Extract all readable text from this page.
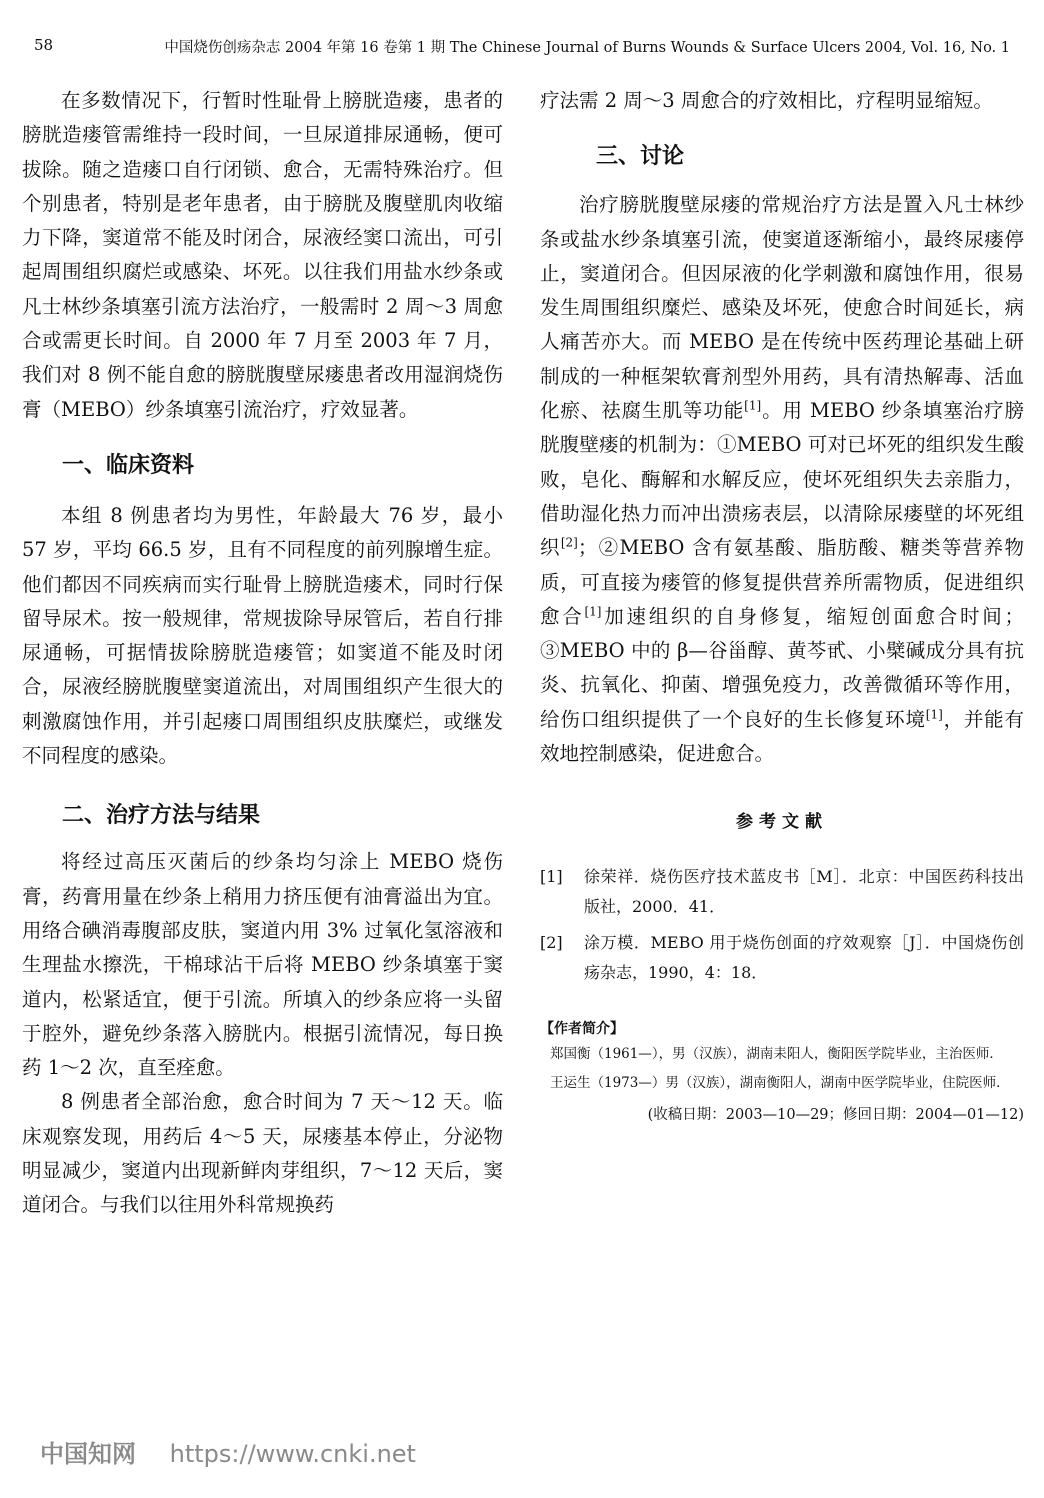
58	中国烧伤创疡杂志 2004 年第 16 卷第 1 期 The Chinese Journal of Burns Wounds & Surface Ulcers 2004, Vol. 16, No. 1

在多数情况下，行暂时性耻骨上膀胱造瘘，患者的膀胱造瘘管需维持一段时间，一旦尿道排尿通畅，便可拔除。随之造瘘口自行闭锁、愈合，无需特殊治疗。但个别患者，特别是老年患者，由于膀胱及腹壁肌肉收缩力下降，窦道常不能及时闭合，尿液经窦口流出，可引起周围组织腐烂或感染、坏死。以往我们用盐水纱条或凡士林纱条填塞引流方法治疗，一般需时 2 周～3 周愈合或需更长时间。自 2000 年 7 月至 2003 年 7 月，我们对 8 例不能自愈的膀胱腹壁尿瘘患者改用湿润烧伤膏（MEBO）纱条填塞引流治疗，疗效显著。

一、临床资料

本组 8 例患者均为男性，年龄最大 76 岁，最小 57 岁，平均 66.5 岁，且有不同程度的前列腺增生症。他们都因不同疾病而实行耻骨上膀胱造瘘术，同时行保留导尿术。按一般规律，常规拔除导尿管后，若自行排尿通畅，可据情拔除膀胱造瘘管；如窦道不能及时闭合，尿液经膀胱腹壁窦道流出，对周围组织产生很大的刺激腐蚀作用，并引起瘘口周围组织皮肤糜烂，或继发不同程度的感染。

二、治疗方法与结果

将经过高压灭菌后的纱条均匀涂上 MEBO 烧伤膏，药膏用量在纱条上稍用力挤压便有油膏溢出为宜。用络合碘消毒腹部皮肤，窦道内用 3% 过氧化氢溶液和生理盐水擦洗，干棉球沾干后将 MEBO 纱条填塞于窦道内，松紧适宜，便于引流。所填入的纱条应将一头留于腔外，避免纱条落入膀胱内。根据引流情况，每日换药 1～2 次，直至痊愈。

8 例患者全部治愈，愈合时间为 7 天～12 天。临床观察发现，用药后 4～5 天，尿瘘基本停止，分泌物明显减少，窦道内出现新鲜肉芽组织，7～12 天后，窦道闭合。与我们以往用外科常规换药

疗法需 2 周～3 周愈合的疗效相比，疗程明显缩短。

三、讨论

治疗膀胱腹壁尿瘘的常规治疗方法是置入凡士林纱条或盐水纱条填塞引流，使窦道逐渐缩小，最终尿瘘停止，窦道闭合。但因尿液的化学刺激和腐蚀作用，很易发生周围组织糜烂、感染及坏死，使愈合时间延长，病人痛苦亦大。而 MEBO 是在传统中医药理论基础上研制成的一种框架软膏剂型外用药，具有清热解毒、活血化瘀、祛腐生肌等功能[1]。用 MEBO 纱条填塞治疗膀胱腹壁瘘的机制为：①MEBO 可对已坏死的组织发生酸败，皂化、酶解和水解反应，使坏死组织失去亲脂力，借助湿化热力而冲出溃疡表层，以清除尿瘘壁的坏死组织[2]；②MEBO 含有氨基酸、脂肪酸、糖类等营养物质，可直接为瘘管的修复提供营养所需物质，促进组织愈合[1]加速组织的自身修复，缩短创面愈合时间；③MEBO 中的 β—谷甾醇、黄芩甙、小檗碱成分具有抗炎、抗氧化、抑菌、增强免疫力，改善微循环等作用，给伤口组织提供了一个良好的生长修复环境[1]，并能有效地控制感染，促进愈合。

参考文献
[1]	徐荣祥．烧伤医疗技术蓝皮书［M］．北京：中国医药科技出版社，2000．41．
[2]	涂万模．MEBO 用于烧伤创面的疗效观察［J］．中国烧伤创疡杂志，1990，4：18．
【作者简介】
郑国衡（1961—），男（汉族），湖南耒阳人，衡阳医学院毕业，主治医师．
王运生（1973—）男（汉族），湖南衡阳人，湖南中医学院毕业，住院医师．
(收稿日期：2003—10—29；修回日期：2004—01—12)
中国知网 https://www.cnki.net
